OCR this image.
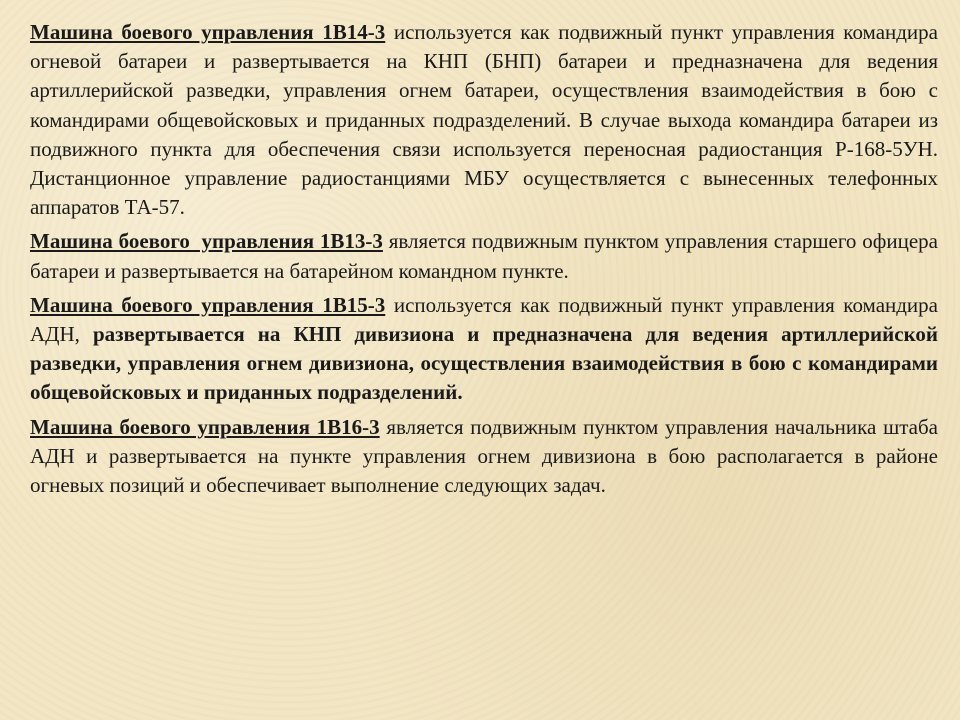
Машина боевого управления 1В14-3 используется как подвижный пункт управления командира огневой батареи и развертывается на КНП (БНП) батареи и предназначена для ведения артиллерийской разведки, управления огнем батареи, осуществления взаимодействия в бою с командирами общевойсковых и приданных подразделений. В случае выхода командира батареи из подвижного пункта для обеспечения связи используется переносная радиостанция Р-168-5УН. Дистанционное управление радиостанциями МБУ осуществляется с вынесенных телефонных аппаратов ТА-57.

Машина боевого  управления 1В13-3 является подвижным пунктом управления старшего офицера батареи и развертывается на батарейном командном пункте.

Машина боевого управления 1В15-3 используется как подвижный пункт управления командира АДН, развертывается на КНП дивизиона и предназначена для ведения артиллерийской разведки, управления огнем дивизиона, осуществления взаимодействия в бою с командирами общевойсковых и приданных подразделений.

Машина боевого управления 1В16-3 является подвижным пунктом управления начальника штаба АДН и развертывается на пункте управления огнем дивизиона в бою располагается в районе огневых позиций и обеспечивает выполнение следующих задач.
